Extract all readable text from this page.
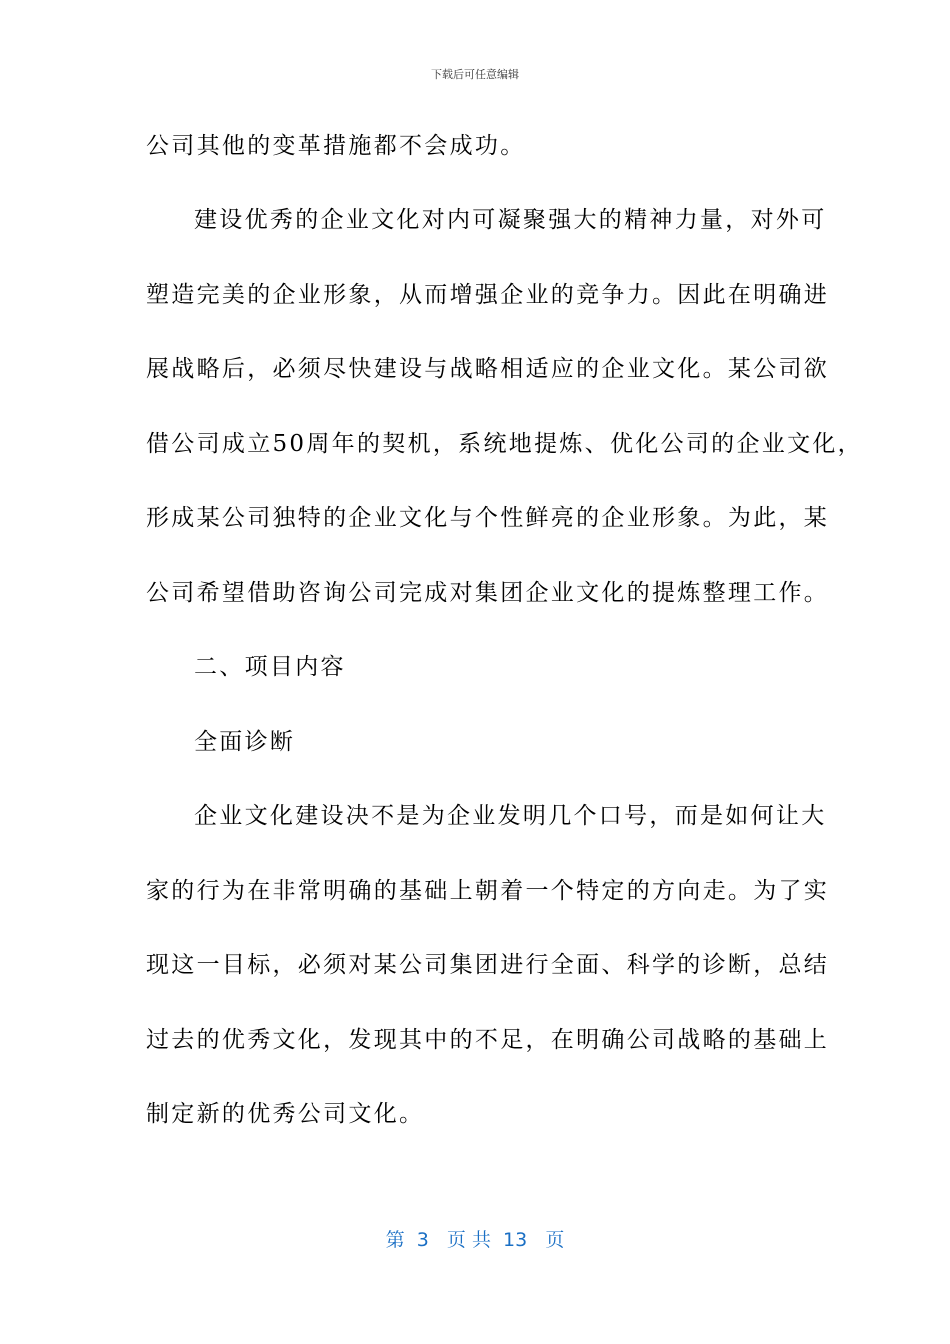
下载后可任意编辑
公司其他的变革措施都不会成功。
建设优秀的企业文化对内可凝聚强大的精神力量，对外可
塑造完美的企业形象，从而增强企业的竞争力。因此在明确进
展战略后，必须尽快建设与战略相适应的企业文化。某公司欲
借公司成立50周年的契机，系统地提炼、优化公司的企业文化，
形成某公司独特的企业文化与个性鲜亮的企业形象。为此，某
公司希望借助咨询公司完成对集团企业文化的提炼整理工作。
二、项目内容
全面诊断
企业文化建设决不是为企业发明几个口号，而是如何让大
家的行为在非常明确的基础上朝着一个特定的方向走。为了实
现这一目标，必须对某公司集团进行全面、科学的诊断，总结
过去的优秀文化，发现其中的不足，在明确公司战略的基础上
制定新的优秀公司文化。
第  3   页 共  13   页
